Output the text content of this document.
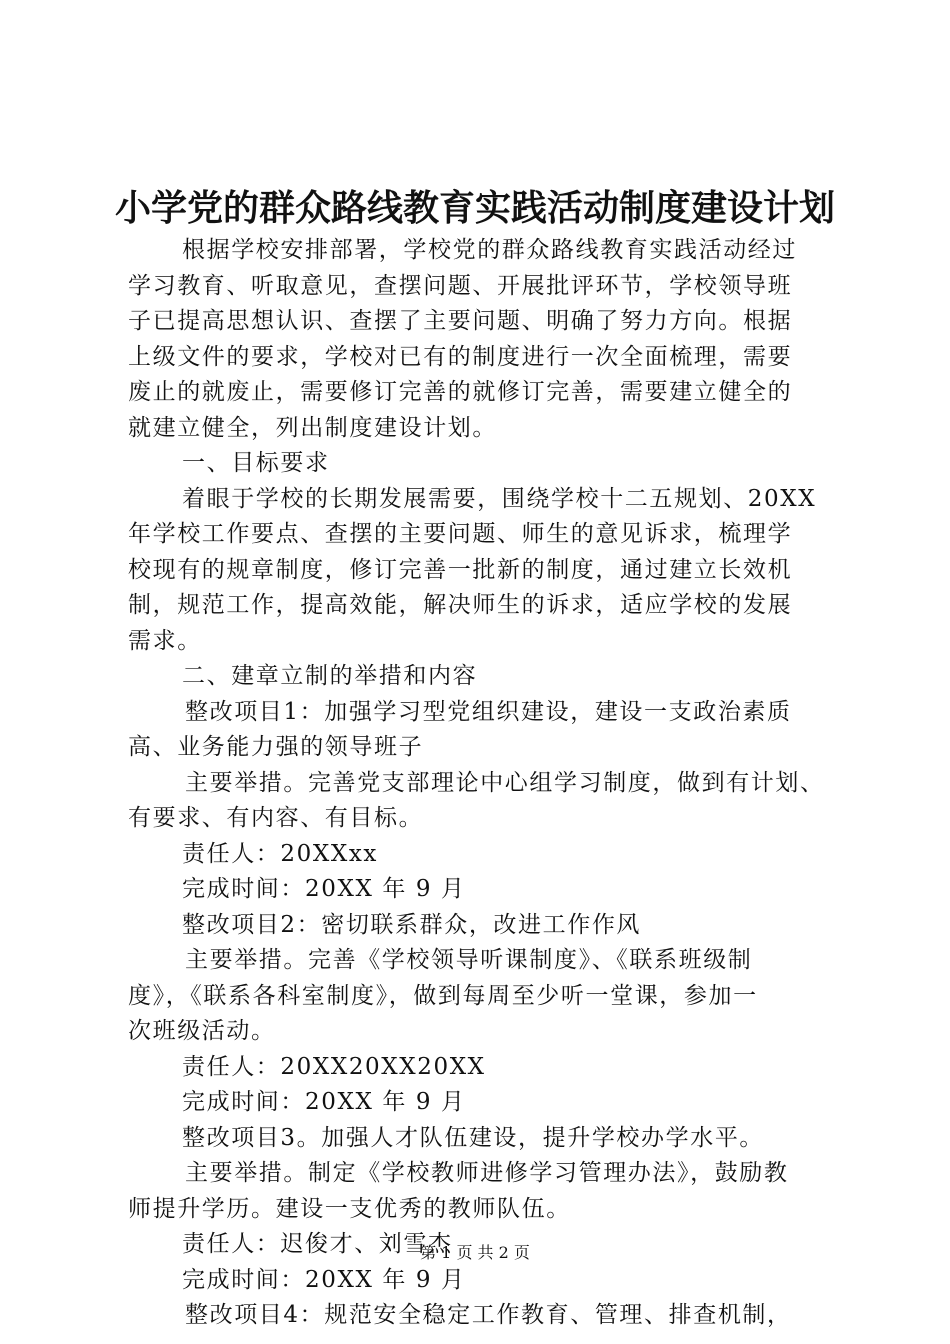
小学党的群众路线教育实践活动制度建设计划
根据学校安排部署，学校党的群众路线教育实践活动经过
学习教育、听取意见，查摆问题、开展批评环节，学校领导班
子已提高思想认识、查摆了主要问题、明确了努力方向。根据
上级文件的要求，学校对已有的制度进行一次全面梳理，需要
废止的就废止，需要修订完善的就修订完善，需要建立健全的
就建立健全，列出制度建设计划。
一、目标要求
着眼于学校的长期发展需要，围绕学校十二五规划、20XX
年学校工作要点、查摆的主要问题、师生的意见诉求，梳理学
校现有的规章制度，修订完善一批新的制度，通过建立长效机
制，规范工作，提高效能，解决师生的诉求，适应学校的发展
需求。
二、建章立制的举措和内容
整改项目1：加强学习型党组织建设，建设一支政治素质
高、业务能力强的领导班子
主要举措。完善党支部理论中心组学习制度，做到有计划、
有要求、有内容、有目标。
责任人：20XXxx
完成时间：20XX 年 9 月
整改项目2：密切联系群众，改进工作作风
主要举措。完善《学校领导听课制度》、《联系班级制
度》，《联系各科室制度》，做到每周至少听一堂课，参加一
次班级活动。
责任人：20XX20XX20XX
完成时间：20XX 年 9 月
整改项目3。加强人才队伍建设，提升学校办学水平。
主要举措。制定《学校教师进修学习管理办法》，鼓励教
师提升学历。建设一支优秀的教师队伍。
责任人：迟俊才、刘雪杰
完成时间：20XX 年 9 月
整改项目4：规范安全稳定工作教育、管理、排查机制，
第 1 页 共 2 页
